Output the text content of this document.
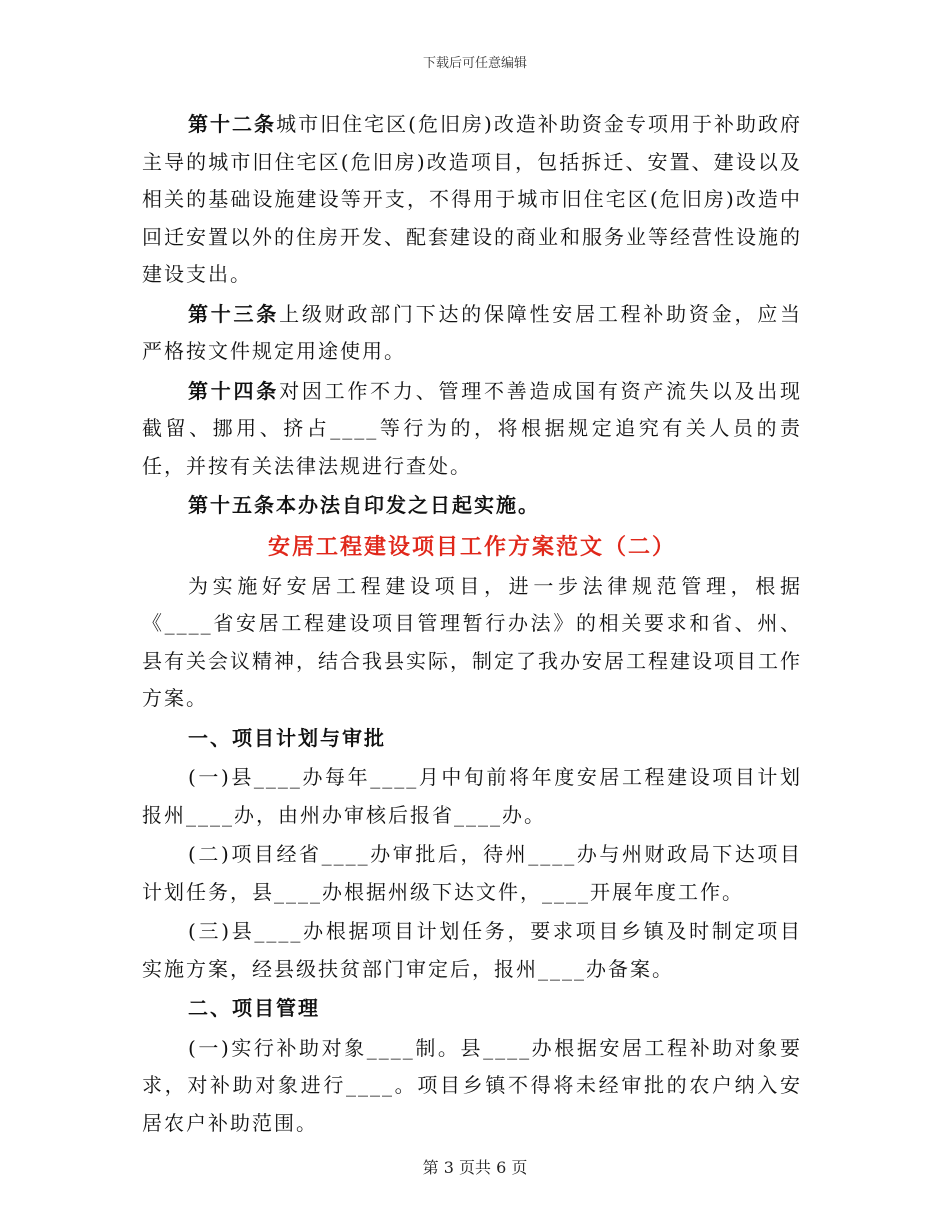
下载后可任意编辑

第十二条城市旧住宅区(危旧房)改造补助资金专项用于补助政府主导的城市旧住宅区(危旧房)改造项目，包括拆迁、安置、建设以及相关的基础设施建设等开支，不得用于城市旧住宅区(危旧房)改造中回迁安置以外的住房开发、配套建设的商业和服务业等经营性设施的建设支出。

第十三条上级财政部门下达的保障性安居工程补助资金，应当严格按文件规定用途使用。

第十四条对因工作不力、管理不善造成国有资产流失以及出现截留、挪用、挤占____等行为的，将根据规定追究有关人员的责任，并按有关法律法规进行查处。

第十五条本办法自印发之日起实施。

安居工程建设项目工作方案范文（二）

为实施好安居工程建设项目，进一步法律规范管理，根据《____省安居工程建设项目管理暂行办法》的相关要求和省、州、县有关会议精神，结合我县实际，制定了我办安居工程建设项目工作方案。

一、项目计划与审批

(一)县____办每年____月中旬前将年度安居工程建设项目计划报州____办，由州办审核后报省____办。

(二)项目经省____办审批后，待州____办与州财政局下达项目计划任务，县____办根据州级下达文件，____开展年度工作。

(三)县____办根据项目计划任务，要求项目乡镇及时制定项目实施方案，经县级扶贫部门审定后，报州____办备案。

二、项目管理

(一)实行补助对象____制。县____办根据安居工程补助对象要求，对补助对象进行____。项目乡镇不得将未经审批的农户纳入安居农户补助范围。

第 3 页共 6 页
